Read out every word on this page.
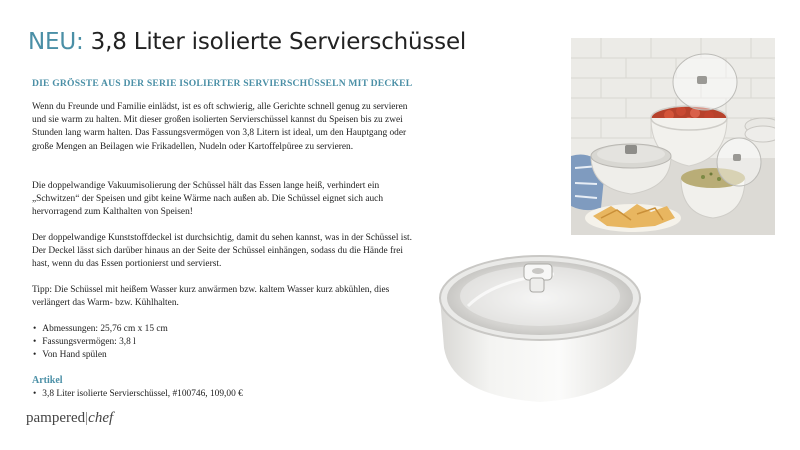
NEU: 3,8 Liter isolierte Servierschüssel

DIE GRÖSSTE AUS DER SERIE ISOLIERTER SERVIERSCHÜSSELN MIT DECKEL

Wenn du Freunde und Familie einlädst, ist es oft schwierig, alle Gerichte schnell genug zu servieren und sie warm zu halten. Mit dieser großen isolierten Servierschüssel kannst du Speisen bis zu zwei Stunden lang warm halten. Das Fassungsvermögen von 3,8 Litern ist ideal, um den Hauptgang oder große Mengen an Beilagen wie Frikadellen, Nudeln oder Kartoffelpüree zu servieren.

Die doppelwandige Vakuumisolierung der Schüssel hält das Essen lange heiß, verhindert ein „Schwitzen“ der Speisen und gibt keine Wärme nach außen ab. Die Schüssel eignet sich auch hervorragend zum Kalthalten von Speisen!

Der doppelwandige Kunststoffdeckel ist durchsichtig, damit du sehen kannst, was in der Schüssel ist. Der Deckel lässt sich darüber hinaus an der Seite der Schüssel einhängen, sodass du die Hände frei hast, wenn du das Essen portionierst und servierst.

Tipp: Die Schüssel mit heißem Wasser kurz anwärmen bzw. kaltem Wasser kurz abkühlen, dies verlängert das Warm- bzw. Kühlhalten.

• Abmessungen: 25,76 cm x 15 cm
• Fassungsvermögen: 3,8 l
• Von Hand spülen

Artikel

• 3,8 Liter isolierte Servierschüssel, #100746, 109,00 €
pampered|chef
